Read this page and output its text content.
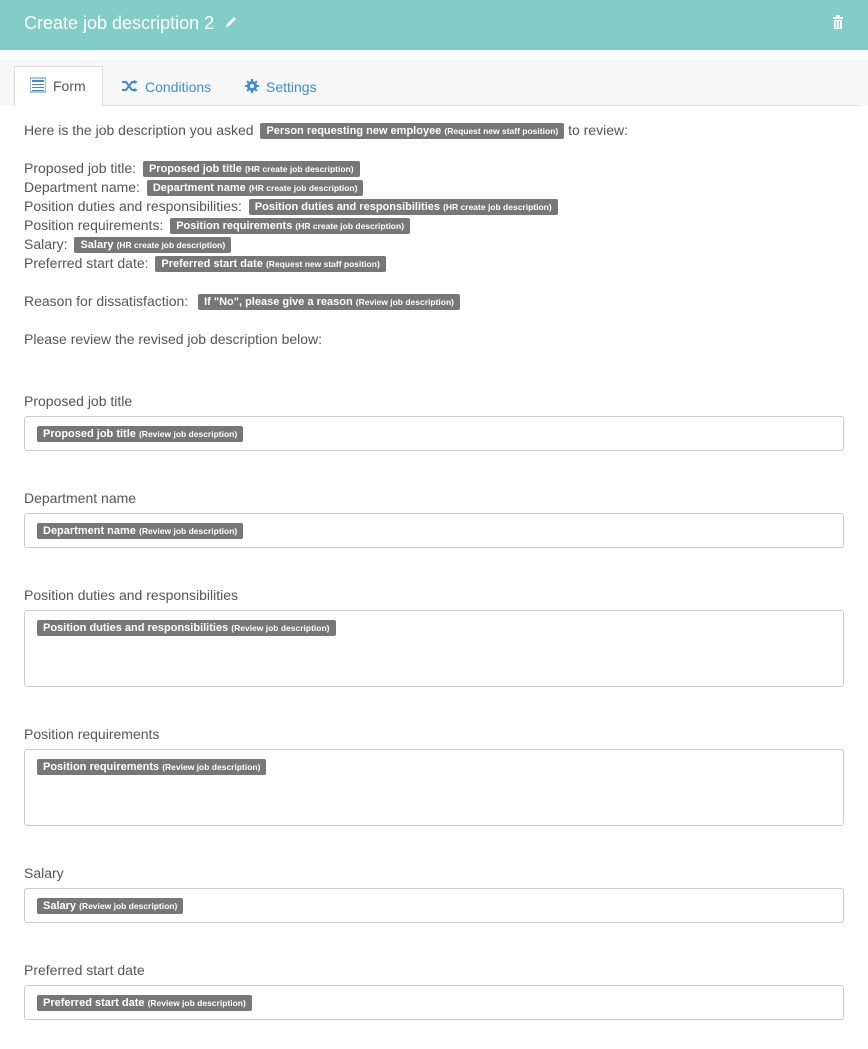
Create job description 2
Form	Conditions	Settings
Here is the job description you asked Person requesting new employee (Request new staff position) to review:
Proposed job title: Proposed job title (HR create job description)
Department name: Department name (HR create job description)
Position duties and responsibilities: Position duties and responsibilities (HR create job description)
Position requirements: Position requirements (HR create job description)
Salary: Salary (HR create job description)
Preferred start date: Preferred start date (Request new staff position)
Reason for dissatisfaction: If "No", please give a reason (Review job description)
Please review the revised job description below:
Proposed job title
Proposed job title (Review job description)
Department name
Department name (Review job description)
Position duties and responsibilities
Position duties and responsibilities (Review job description)
Position requirements
Position requirements (Review job description)
Salary
Salary (Review job description)
Preferred start date
Preferred start date (Review job description)
